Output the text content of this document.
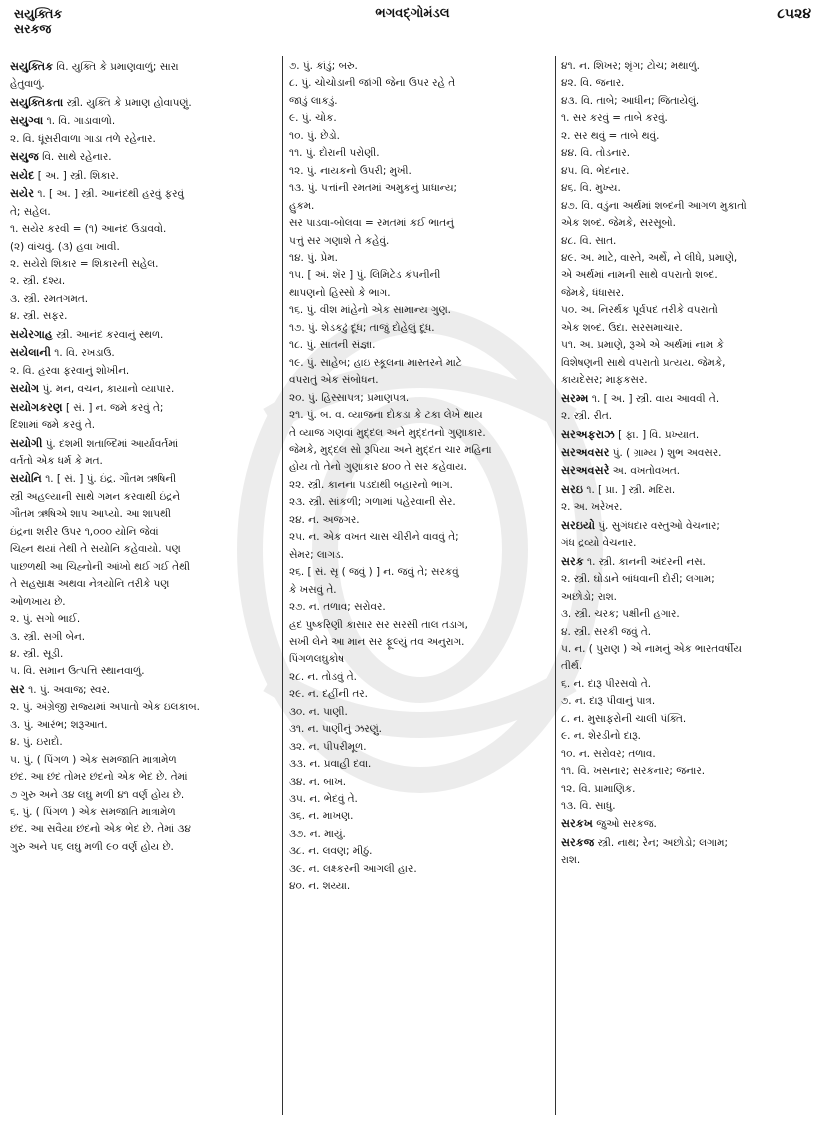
સયુક્તિક
સરકજ
ભગવદ્ગોમંડલ	૮૫૨૪
સયુક્તિક વિ. યુક્તિ કે પ્રમાણવાળું; સારા
હેતુવાળું.
સયુક્તિકતા સ્ત્રી. યુક્તિ કે પ્રમાણ હોવાપણું.
સયુગ્વા ૧. વિ. ગાડાવાળો.
૨. વિ. ધૂંસરીવાળા ગાડા તળે રહેનાર.
સયુજ વિ. સાથે રહેનાર.
સયેદ [ અ. ] સ્ત્રી. શિકાર.
સયેર ૧. [ અ. ] સ્ત્રી. આનંદથી હરવું ફરવું
તે; સહેલ.
૧. સયેર કરવી = (૧) આનંદ ઉડાવવો.
(૨) વાંચવું. (૩) હવા ખાવી.
૨. સયેરો શિકાર = શિકારની સહેલ.
૨. સ્ત્રી. દશ્ય.
૩. સ્ત્રી. રમતગમત.
૪. સ્ત્રી. સફર.
સયેરગાહ સ્ત્રી. આનંદ કરવાનું સ્થળ.
સયેલાની ૧. વિ. રખડાઉ.
૨. વિ. હરવા ફરવાનું શોખીન.
સયોગ પું. મન, વચન, કાયાનો વ્યાપાર.
સયોગકરણ [ સં. ] ન. જમે કરવું તે;
દિશામાં જમે કરવું તે.
સયોગી પું. દશમી શતાબ્દિમાં આર્યાવર્તમાં
વર્તતો એક ધર્મ કે મત.
સયોનિ ૧. [ સં. ] પું. ઇંદ્ર. ગૌતમ ઋષિની
સ્ત્રી અહલ્યાની સાથે ગમન કરવાથી ઇંદ્રને
ગૌતમ ઋષિએ શાપ આપ્યો. આ શાપથી
ઇંદ્રના શરીર ઉપર ૧,૦૦૦ યોનિ જેવાં
ચિહ્ન થયાં તેથી તે સયોનિ કહેવાયો. પણ
પાછળથી આ ચિહ્નોની આંખો થઈ ગઈ તેથી
તે સહસ્રાક્ષ અથવા નેત્રયોનિ તરીકે પણ
ઓળખાય છે.
૨. પું. સગો ભાઈ.
૩. સ્ત્રી. સગી બેન.
૪. સ્ત્રી. સૂડી.
૫. વિ. સમાન ઉત્પત્તિ સ્થાનવાળું.
સર ૧. પું. અવાજ; સ્વર.
૨. પું. અંગ્રેજી રાજ્યમાં અપાતો એક ઇલકાબ.
૩. પું. આરંભ; શરૂઆત.
૪. પું. ઇરાદો.
૫. પું. ( પિંગળ ) એક સમજાતિ માત્રામેળ
છંદ. આ છંદ તોમર છંદનો એક ભેદ છે. તેમાં
૭ ગુરુ અને ૩૪ લઘુ મળી ૪૧ વર્ણ હોય છે.
૬. પું. ( પિંગળ ) એક સમજાતિ માત્રામેળ
છંદ. આ સવૈયા છંદનો એક ભેદ છે. તેમાં ૩૪
ગુરુ અને ૫૬ લઘુ મળી ૯૦ વર્ણ હોય છે.
૭. પું. કાંડું; બરુ.
૮. પું. ચોચોડાની જાંગી જેના ઉપર રહે તે
જાડું લાકડું.
૯. પું. ચોક.
૧૦. પું. છેડો.
૧૧. પું. દોરાની પરોણી.
૧૨. પું. નાયકનો ઉપરી; મુખી.
૧૩. પું. પત્તાંની રમતમાં અમુકનું પ્રાધાન્ય;
હુકમ.
સર પાડવા-બોલવા = રમતમાં કઈ ભાતનું
પત્તું સર ગણાશે તે કહેવું.
૧૪. પું. પ્રેમ.
૧૫. [ અં. શૅર ] પું. લિમિટેડ કંપનીની
થાપણનો હિસ્સો કે ભાગ.
૧૬. પું. વીશ માંહેનો એક સામાન્ય ગુણ.
૧૭. પું. શેડકઢું દૂધ; તાજું દોહેલું દૂધ.
૧૮. પું. સાતની સંજ્ઞા.
૧૯. પું. સાહેબ; હાઇ સ્કૂલના માસ્તરને માટે
વપરાતું એક સંબોધન.
૨૦. પું. હિસ્સાપત્ર; પ્રમાણપત્ર.
૨૧. પું. બ. વ. વ્યાજના દોકડા કે ટકા લેખે થાય
તે વ્યાજ ગણવાં મુદ્દલ અને મુદ્દતનો ગુણાકાર.
જેમકે, મુદ્દલ સો રૂપિયા અને મુદ્દત ચાર મહિના
હોય તો તેનો ગુણાકાર ૪૦૦ તે સર કહેવાય.
૨૨. સ્ત્રી. કાનના પડદાથી બહારનો ભાગ.
૨૩. સ્ત્રી. સાંકળી; ગળામાં પહેરવાની સેર.
૨૪. ન. અજગર.
૨૫. ન. એક વખત ચાસ ચીરીને વાવવું તે;
સેમર; લાગડ.
૨૬. [ સં. સૃ ( જવું ) ] ન. જવું તે; સરકવું
કે ખસવું તે.
૨૭. ન. તળાવ; સરોવર.
હ્રદ પુષ્કરિણી કાસાર સર સરસી તાલ તડાગ,
સખી લેને આ માન સર ફૂલ્યું તવ અનુરાગ.
પિંગળલઘુકોષ
૨૮. ન. તોડવું તે.
૨૯. ન. દહીંની તર.
૩૦. ન. પાણી.
૩૧. ન. પાણીનું ઝરણું.
૩૨. ન. પીપરીમૂળ.
૩૩. ન. પ્રવાહી દવા.
૩૪. ન. બાખ.
૩૫. ન. ભેદવું તે.
૩૬. ન. માખણ.
૩૭. ન. માયું.
૩૮. ન. લવણ; મીઠું.
૩૯. ન. લક્ષ્કરની આગલી હાર.
૪૦. ન. શય્યા.
૪૧. ન. શિખર; શૃંગ; ટોચ; મથાળું.
૪૨. વિ. જનાર.
૪૩. વિ. તાબે; આધીન; જિતાયેલું.
૧. સર કરવું = તાબે કરવું.
૨. સર થવું = તાબે થવું.
૪૪. વિ. તોડનાર.
૪૫. વિ. ભેદનાર.
૪૬. વિ. મુખ્ય.
૪૭. વિ. વડુંના અર્થમાં શબ્દની આગળ મુકાતો
એક શબ્દ. જેમકે, સરસૂબો.
૪૮. વિ. સાત.
૪૯. અ. માટે, વાસ્તે, અર્થે, ને લીધે, પ્રમાણે,
એ અર્થમાં નામની સાથે વપરાતો શબ્દ.
જેમકે, ધંધાસર.
૫૦. અ. નિરર્થક પૂર્વપદ તરીકે વપરાતો
એક શબ્દ. ઉદા. સરસમાચાર.
૫૧. અ. પ્રમાણે, રૂએ એ અર્થમાં નામ કે
વિશેષણની સાથે વપરાતો પ્રત્યય. જેમકે,
કાયદેસર; માફકસર.
સરમ્મ ૧. [ અ. ] સ્ત્રી. વાય આવવી તે.
૨. સ્ત્રી. રીત.
સરઅફરાઝ [ ફા. ] વિ. પ્રખ્યાત.
સરઅવસર પું. ( ગ્રામ્ય ) શુભ અવસર.
સરઅવસરે અ. વખતોવખત.
સરઇ ૧. [ પ્રા. ] સ્ત્રી. મદિરા.
૨. અ. ખરેખર.
સરઇયો પું. સુગંધદાર વસ્તુઓ વેચનાર;
ગંધ દ્રવ્યો વેચનાર.
સરક ૧. સ્ત્રી. કાનની અંદરની નસ.
૨. સ્ત્રી. ઘોડાને બાંધવાની દોરી; લગામ;
અછોડો; રાશ.
૩. સ્ત્રી. ચરક; પક્ષીની હગાર.
૪. સ્ત્રી. સરકી જવું તે.
૫. ન. ( પુરાણ ) એ નામનું એક ભારતવર્ષીય
તીર્થ.
૬. ન. દારૂ પીરસવો તે.
૭. ન. દારૂ પીવાનું પાત્ર.
૮. ન. મુસાફરોની ચાલી પંક્તિ.
૯. ન. શેરડીનો દારૂ.
૧૦. ન. સરોવર; તળાવ.
૧૧. વિ. ખસનાર; સરકનાર; જનાર.
૧૨. વિ. પ્રામાણિક.
૧૩. વિ. સાધુ.
સરકખ જુઓ સરકજ.
સરકજ સ્ત્રી. નાથ; રેન; અછોડો; લગામ;
રાશ.
